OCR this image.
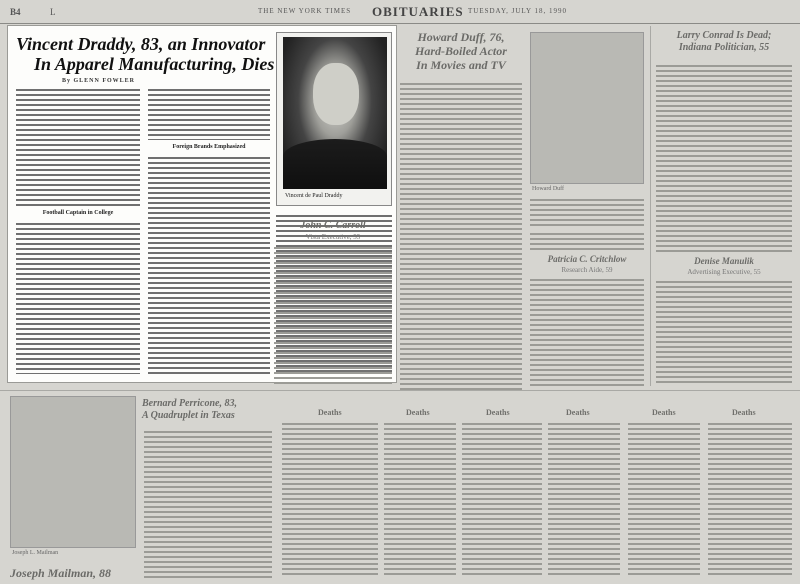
B4	L	THE NEW YORK TIMES OBITUARIES TUESDAY, JULY 18, 1990
Vincent Draddy, 83, an Innovator
In Apparel Manufacturing, Dies
By GLENN FOWLER
Football Captain in College
Foreign Brands Emphasized
Vincent de Paul Draddy
Howard Duff, 76,
Hard-Boiled Actor
In Movies and TV
Howard Duff
Larry Conrad Is Dead;
Indiana Politician, 55
John C. Carroll
Vista Executive, 55
Patricia C. Critchlow
Research Aide, 59
Denise Manulik
Advertising Executive, 55
Joseph L. Mailman
Joseph Mailman, 88
Bernard Perricone, 83,
A Quadruplet in Texas	Deaths	Deaths	Deaths	Deaths	Deaths	Deaths
